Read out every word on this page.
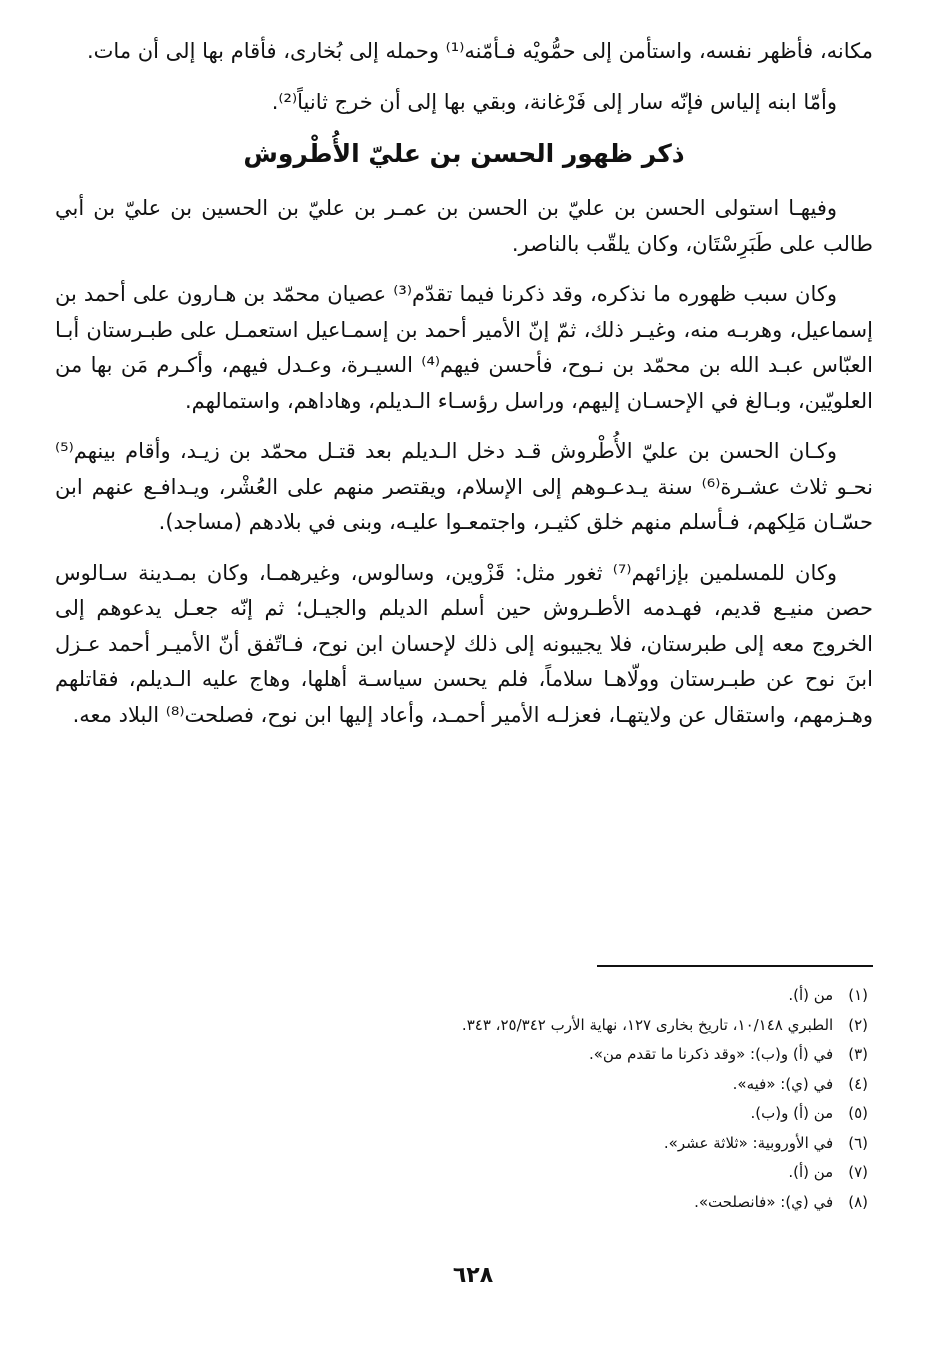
مكانه، فأظهر نفسه، واستأمن إلى حمُّويْه فـأمّنه⁽¹⁾ وحمله إلى بُخارى، فأقام بها إلى أن مات.

وأمّا ابنه إلياس فإنّه سار إلى فَرْغانة، وبقي بها إلى أن خرج ثانياً⁽²⁾.

ذكر ظهور الحسن بن عليّ الأُطْروش

وفيهـا استولى الحسن بن عليّ بن الحسن بن عمـر بن عليّ بن الحسين بن عليّ بن أبي طالب على طَبَرِسْتَان، وكان يلقّب بالناصر.

وكان سبب ظهوره ما نذكره، وقد ذكرنا فيما تقدّم⁽³⁾ عصيان محمّد بن هـارون على أحمد بن إسماعيل، وهربـه منه، وغيـر ذلك، ثمّ إنّ الأمير أحمد بن إسمـاعيل استعمـل على طبـرستان أبـا العبّاس عبـد الله بن محمّد بن نـوح، فأحسن فيهم⁽⁴⁾ السيـرة، وعـدل فيهم، وأكـرم مَن بها من العلويّين، وبـالغ في الإحسـان إليهم، وراسل رؤسـاء الـديلم، وهاداهم، واستمالهم.

وكـان الحسن بن عليّ الأُطْروش قـد دخل الـديلم بعد قتـل محمّد بن زيـد، وأقام بينهم⁽⁵⁾ نحـو ثلاث عشـرة⁽⁶⁾ سنة يـدعـوهم إلى الإسلام، ويقتصر منهم على العُشْر، ويـدافـع عنهم ابن حسّـان مَلِكهم، فـأسلم منهم خلق كثيـر، واجتمعـوا عليـه، وبنى في بلادهم (مساجد).

وكان للمسلمين بإزائهم⁽⁷⁾ ثغور مثل: قَزْوين، وسالوس، وغيرهمـا، وكان بمـدينة سـالوس حصن منيـع قديم، فهـدمه الأطـروش حين أسلم الديلم والجيـل؛ ثم إنّه جعـل يدعوهم إلى الخروج معه إلى طبرستان، فلا يجيبونه إلى ذلك لإحسان ابن نوح، فـاتّفق أنّ الأميـر أحمد عـزل ابنَ نوح عن طبـرستان وولّاهـا سلاماً، فلم يحسن سياسـة أهلها، وهاج عليه الـديلم، فقاتلهم وهـزمهم، واستقال عن ولايتهـا، فعزلـه الأمير أحمـد، وأعاد إليها ابن نوح، فصلحت⁽⁸⁾ البلاد معه.

(١) من (أ).
(٢) الطبري ١٠/١٤٨، تاريخ بخارى ١٢٧، نهاية الأرب ٢٥/٣٤٢، ٣٤٣.
(٣) في (أ) و(ب): «وقد ذكرنا ما تقدم من».
(٤) في (ي): «فيه».
(٥) من (أ) و(ب).
(٦) في الأوروبية: «ثلاثة عشر».
(٧) من (أ).
(٨) في (ي): «فانصلحت».
٦٢٨
